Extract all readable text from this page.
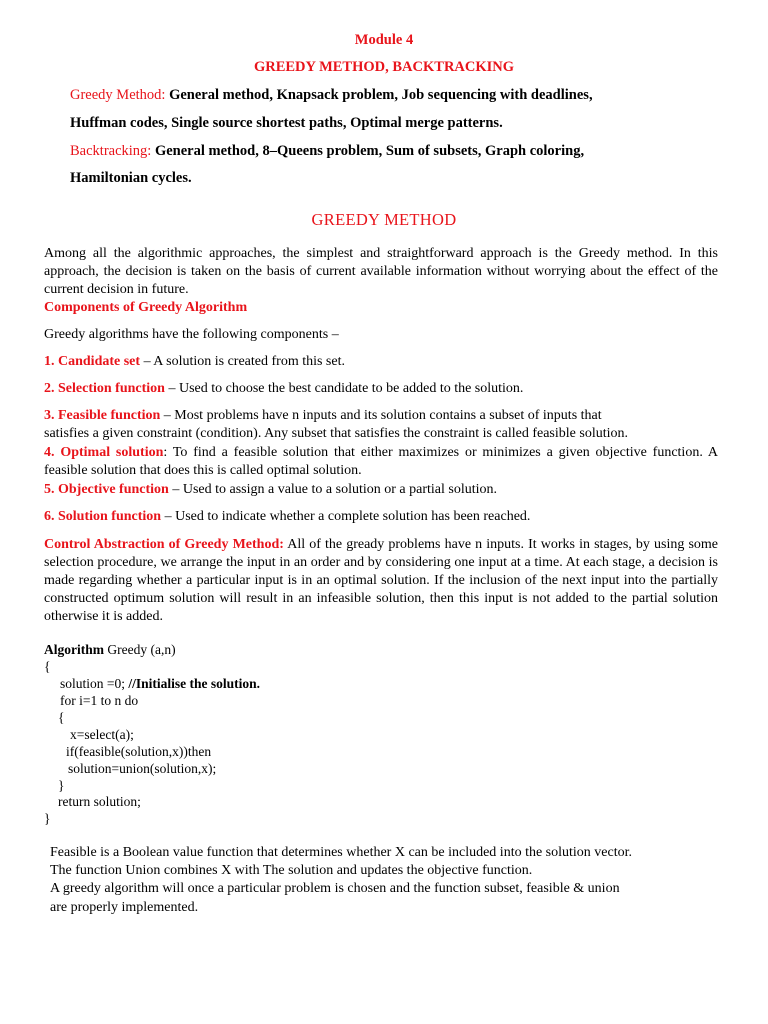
Module 4
GREEDY METHOD, BACKTRACKING
Greedy Method: General method, Knapsack problem, Job sequencing with deadlines,
Huffman codes, Single source shortest paths, Optimal merge patterns.
Backtracking: General method, 8–Queens problem, Sum of subsets, Graph coloring,
Hamiltonian cycles.
GREEDY METHOD
Among all the algorithmic approaches, the simplest and straightforward approach is the Greedy method. In this approach, the decision is taken on the basis of current available information without worrying about the effect of the current decision in future.
Components of Greedy Algorithm
Greedy algorithms have the following components –
1. Candidate set – A solution is created from this set.
2. Selection function – Used to choose the best candidate to be added to the solution.
3. Feasible function – Most problems have n inputs and its solution contains a subset of inputs that
satisfies a given constraint (condition). Any subset that satisfies the constraint is called feasible solution.
4. Optimal solution: To find a feasible solution that either maximizes or minimizes a given objective function. A feasible solution that does this is called optimal solution.
5. Objective function – Used to assign a value to a solution or a partial solution.
6. Solution function – Used to indicate whether a complete solution has been reached.
Control Abstraction of Greedy Method: All of the gready problems have n inputs. It works in stages, by using some selection procedure, we arrange the input in an order and by considering one input at a time. At each stage, a decision is made regarding whether a particular input is in an optimal solution. If the inclusion of the next input into the partially constructed optimum solution will result in an infeasible solution, then this input is not added to the partial solution otherwise it is added.
Algorithm Greedy (a,n)
{
solution =0; //Initialise the solution.
for i=1 to n do
{
x=select(a);
if(feasible(solution,x))then
solution=union(solution,x);
}
return solution;
}
Feasible is a Boolean value function that determines whether X can be included into the solution vector.
The function Union combines X with The solution and updates the objective function.
A greedy algorithm will once a particular problem is chosen and the function subset, feasible & union
are properly implemented.
